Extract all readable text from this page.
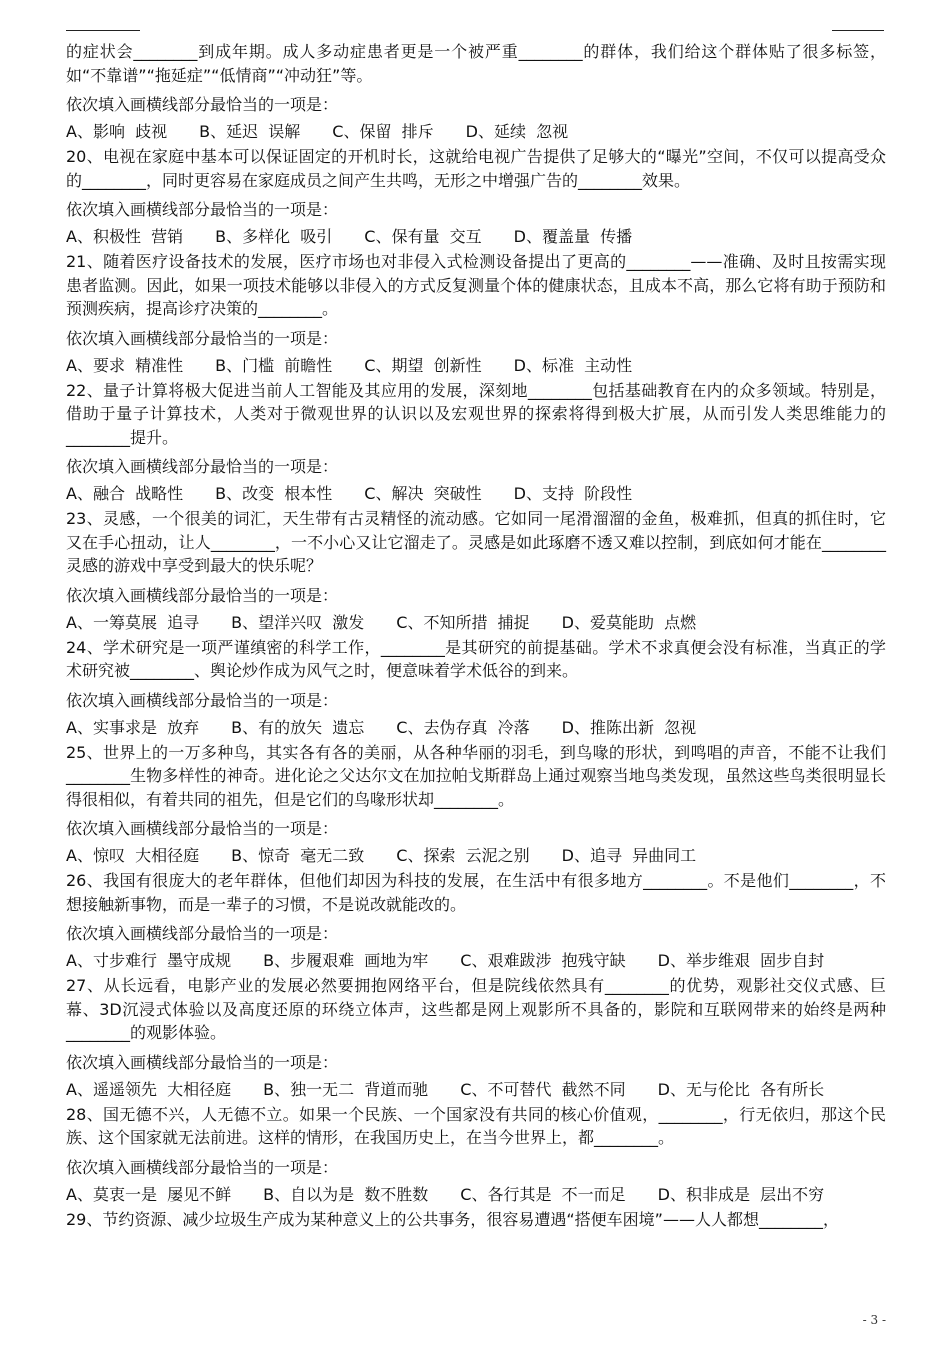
的症状会________到成年期。成人多动症患者更是一个被严重________的群体，我们给这个群体贴了很多标签，如“不靠谱”“拖延症”“低情商”“冲动狂”等。

依次填入画横线部分最恰当的一项是：

A、影响  歧视 B、延迟  误解 C、保留  排斥 D、延续  忽视

20、电视在家庭中基本可以保证固定的开机时长，这就给电视广告提供了足够大的“曝光”空间，不仅可以提高受众的________，同时更容易在家庭成员之间产生共鸣，无形之中增强广告的________效果。

依次填入画横线部分最恰当的一项是：

A、积极性  营销 B、多样化  吸引 C、保有量  交互 D、覆盖量  传播

21、随着医疗设备技术的发展，医疗市场也对非侵入式检测设备提出了更高的________——准确、及时且按需实现患者监测。因此，如果一项技术能够以非侵入的方式反复测量个体的健康状态，且成本不高，那么它将有助于预防和预测疾病，提高诊疗决策的________。

依次填入画横线部分最恰当的一项是：

A、要求  精准性 B、门槛  前瞻性 C、期望  创新性 D、标准  主动性

22、量子计算将极大促进当前人工智能及其应用的发展，深刻地________包括基础教育在内的众多领域。特别是，借助于量子计算技术，人类对于微观世界的认识以及宏观世界的探索将得到极大扩展，从而引发人类思维能力的________提升。

依次填入画横线部分最恰当的一项是：

A、融合  战略性 B、改变  根本性 C、解决  突破性 D、支持  阶段性

23、灵感，一个很美的词汇，天生带有古灵精怪的流动感。它如同一尾滑溜溜的金鱼，极难抓，但真的抓住时，它又在手心扭动，让人________，一不小心又让它溜走了。灵感是如此琢磨不透又难以控制，到底如何才能在________灵感的游戏中享受到最大的快乐呢？

依次填入画横线部分最恰当的一项是：

A、一筹莫展  追寻 B、望洋兴叹  激发 C、不知所措  捕捉 D、爱莫能助  点燃

24、学术研究是一项严谨缜密的科学工作，________是其研究的前提基础。学术不求真便会没有标准，当真正的学术研究被________、舆论炒作成为风气之时，便意味着学术低谷的到来。

依次填入画横线部分最恰当的一项是：

A、实事求是  放弃 B、有的放矢  遗忘 C、去伪存真  冷落 D、推陈出新  忽视

25、世界上的一万多种鸟，其实各有各的美丽，从各种华丽的羽毛，到鸟喙的形状，到鸣唱的声音，不能不让我们________生物多样性的神奇。进化论之父达尔文在加拉帕戈斯群岛上通过观察当地鸟类发现，虽然这些鸟类很明显长得很相似，有着共同的祖先，但是它们的鸟喙形状却________。

依次填入画横线部分最恰当的一项是：

A、惊叹  大相径庭 B、惊奇  毫无二致 C、探索  云泥之别 D、追寻  异曲同工

26、我国有很庞大的老年群体，但他们却因为科技的发展，在生活中有很多地方________。不是他们________，不想接触新事物，而是一辈子的习惯，不是说改就能改的。

依次填入画横线部分最恰当的一项是：

A、寸步难行  墨守成规 B、步履艰难  画地为牢 C、艰难跋涉  抱残守缺 D、举步维艰  固步自封

27、从长远看，电影产业的发展必然要拥抱网络平台，但是院线依然具有________的优势，观影社交仪式感、巨幕、3D沉浸式体验以及高度还原的环绕立体声，这些都是网上观影所不具备的，影院和互联网带来的始终是两种________的观影体验。

依次填入画横线部分最恰当的一项是：

A、遥遥领先  大相径庭 B、独一无二  背道而驰 C、不可替代  截然不同 D、无与伦比  各有所长

28、国无德不兴，人无德不立。如果一个民族、一个国家没有共同的核心价值观，________，行无依归，那这个民族、这个国家就无法前进。这样的情形，在我国历史上，在当今世界上，都________。

依次填入画横线部分最恰当的一项是：

A、莫衷一是  屡见不鲜 B、自以为是  数不胜数 C、各行其是  不一而足 D、积非成是  层出不穷

29、节约资源、减少垃圾生产成为某种意义上的公共事务，很容易遭遇“搭便车困境”——人人都想________，

- 3 -
